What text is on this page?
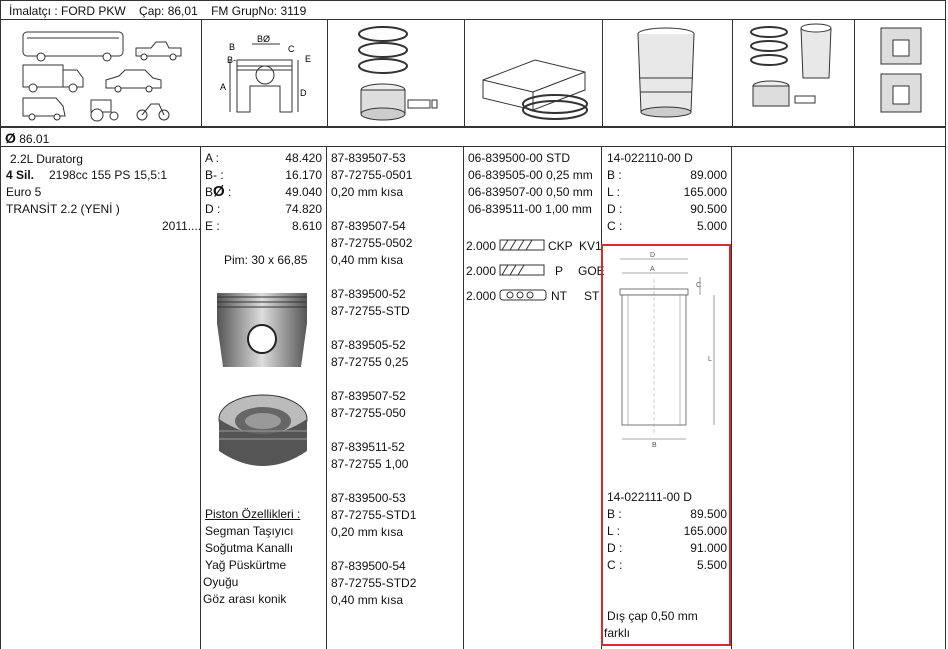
İmalatçı : FORD PKW Çap: 86,01 FM GrupNo: 3119
B
BØ
C
E
A
D
B-
Ø 86.01
2.2L Duratorg
4 Sil. 2198cc 155 PS 15,5:1
Euro 5
TRANSİT 2.2 (YENİ )
2011....
A :	48.420
B- :	16.170
BØ :	49.040
D :	74.820
E :	8.610
Pim: 30 x 66,85
Piston Özellikleri :
Segman Taşıyıcı
Soğutma Kanallı
Yağ Püskürtme
Oyuğu
Göz arası konik
87-839507-53
87-72755-0501
0,20 mm kısa
87-839507-54
87-72755-0502
0,40 mm kısa
87-839500-52
87-72755-STD
87-839505-52
87-72755 0,25
87-839507-52
87-72755-050
87-839511-52
87-72755 1,00
87-839500-53
87-72755-STD1
0,20 mm kısa
87-839500-54
87-72755-STD2
0,40 mm kısa
06-839500-00 STD
06-839505-00 0,25 mm
06-839507-00 0,50 mm
06-839511-00 1,00 mm
2.000	CKP KV1
2.000	P GOE
2.000	NT ST
14-022110-00 D
B :	89.000
L :	165.000
D :	90.500
C :	5.000
D
A
C
L
B
14-022111-00 D
B :	89.500
L :	165.000
D :	91.000
C :	5.500
Dış çap 0,50 mm
farklı
